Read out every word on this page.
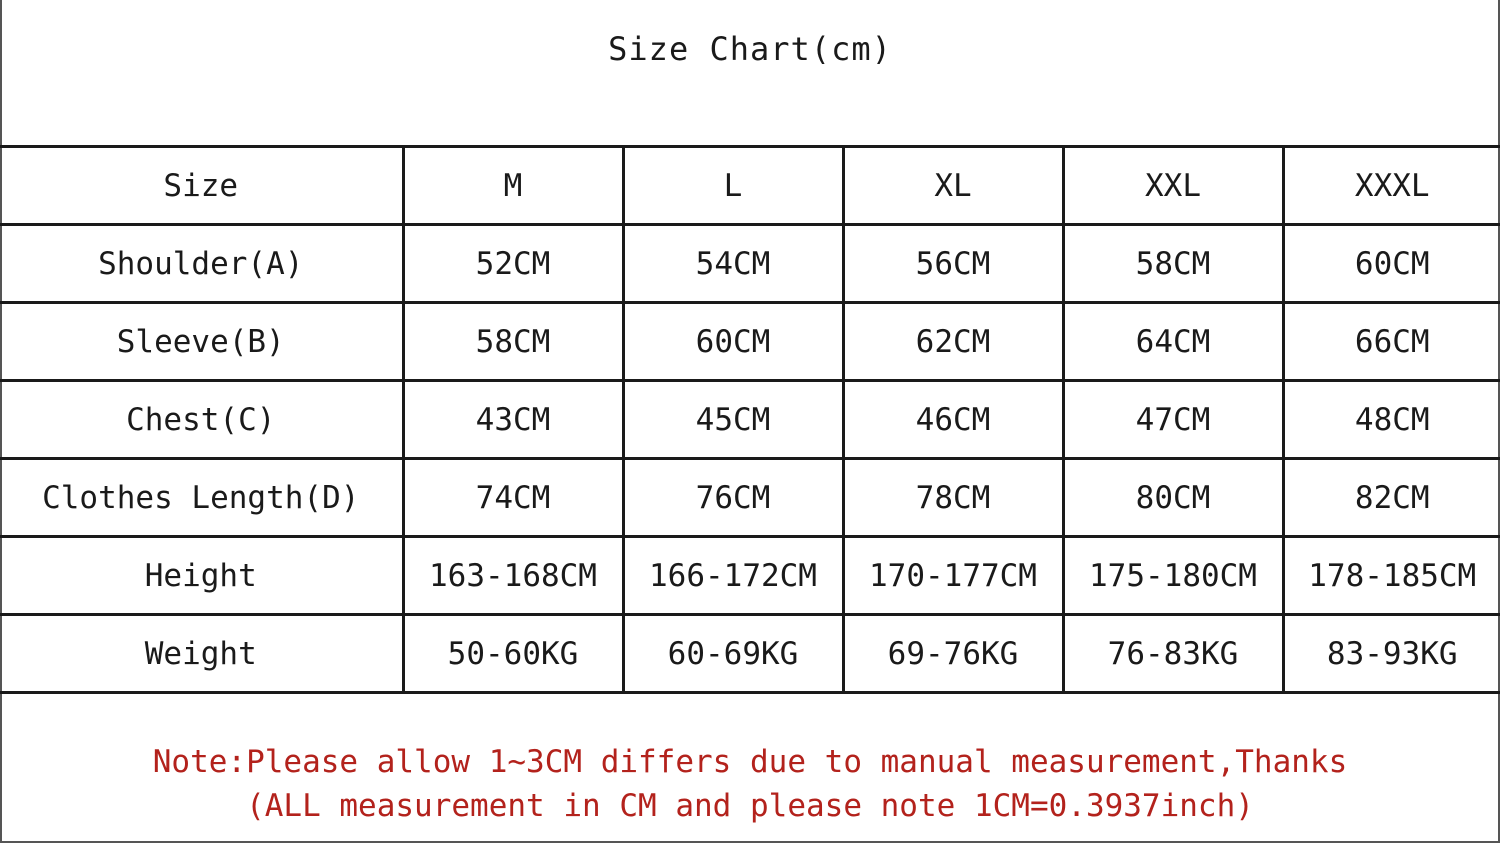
Size Chart(cm)
Size	M	L	XL	XXL	XXXL
Shoulder(A)	52CM	54CM	56CM	58CM	60CM
Sleeve(B)	58CM	60CM	62CM	64CM	66CM
Chest(C)	43CM	45CM	46CM	47CM	48CM
Clothes Length(D)	74CM	76CM	78CM	80CM	82CM
Height	163-168CM	166-172CM	170-177CM	175-180CM	178-185CM
Weight	50-60KG	60-69KG	69-76KG	76-83KG	83-93KG
Note:Please allow 1~3CM differs due to manual measurement,Thanks
(ALL measurement in CM and please note 1CM=0.3937inch)
